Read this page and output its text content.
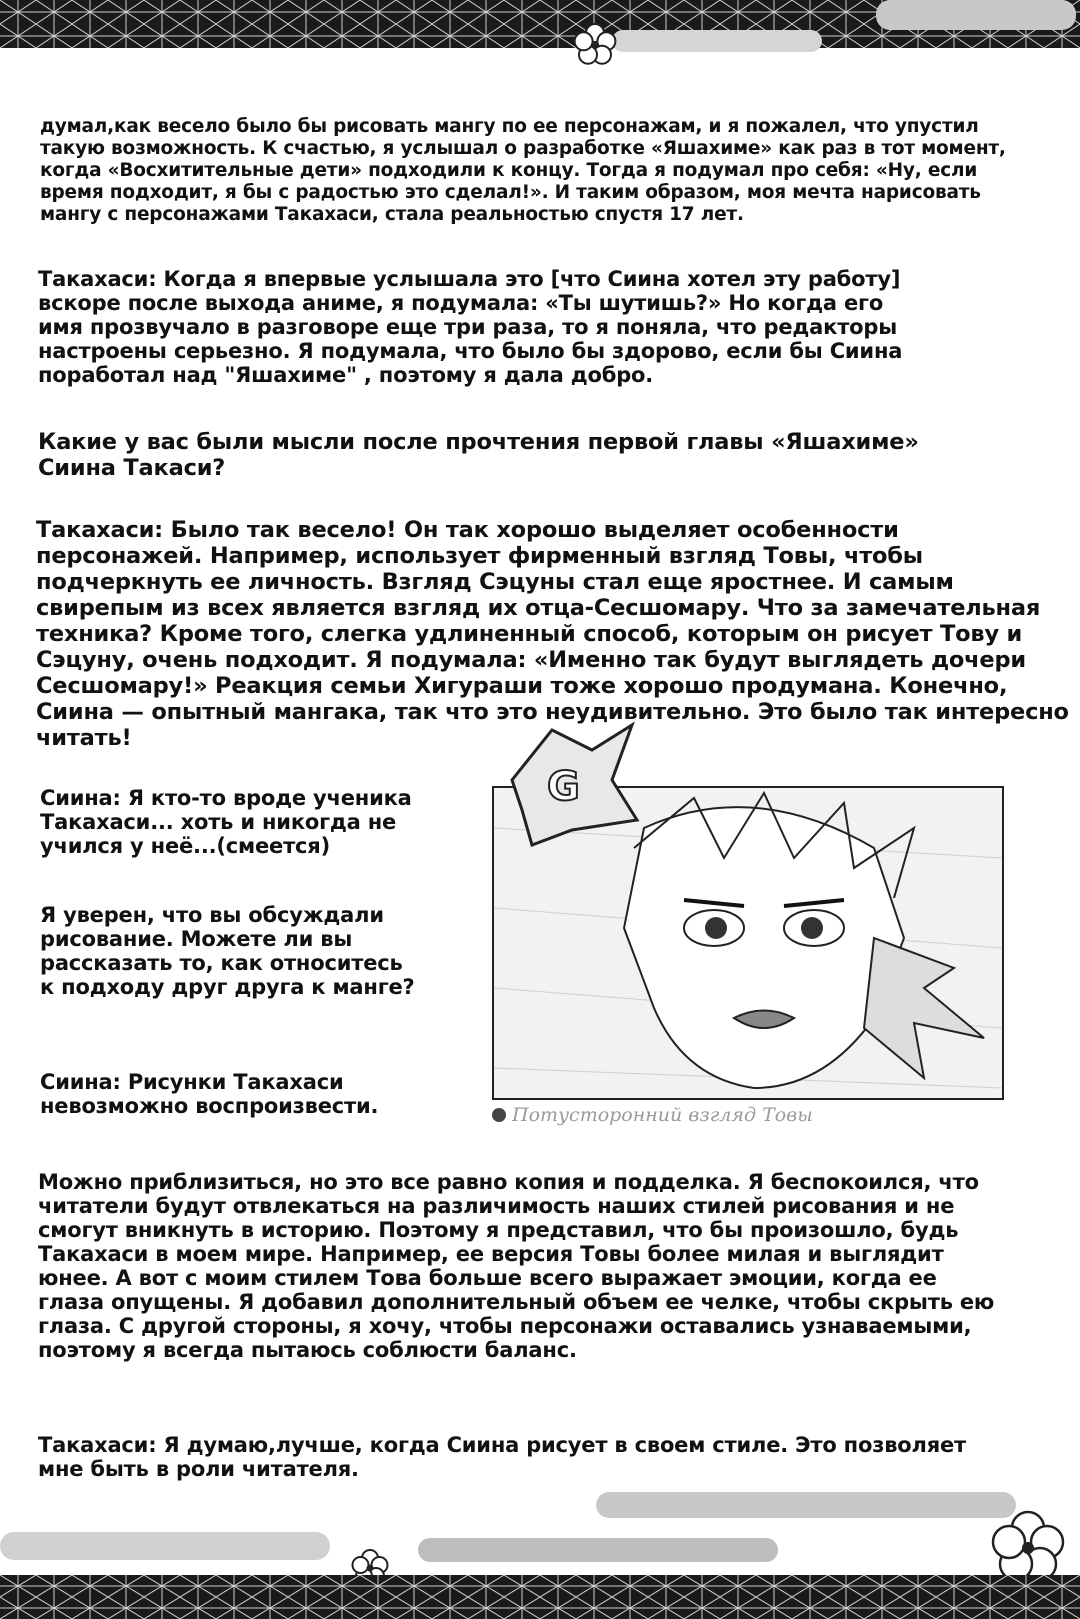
думал,как весело было бы рисовать мангу по ее персонажам, и я пожалел, что упустил такую возможность. К счастью, я услышал о разработке «Яшахиме» как раз в тот момент, когда «Восхитительные дети» подходили к концу. Тогда я подумал про себя: «Ну, если время подходит, я бы с радостью это сделал!». И таким образом, моя мечта нарисовать мангу с персонажами Такахаси, стала реальностью спустя 17 лет.

Такахаси: Когда я впервые услышала это [что Сиина хотел эту работу] вскоре после выхода аниме, я подумала: «Ты шутишь?» Но когда его имя прозвучало в разговоре еще три раза, то я поняла, что редакторы настроены серьезно. Я подумала, что было бы здорово, если бы Сиина поработал над "Яшахиме" , поэтому я дала добро.

Какие у вас были мысли после прочтения первой главы «Яшахиме» Сиина Такаси?

Такахаси: Было так весело! Он так хорошо выделяет особенности персонажей. Например, использует фирменный взгляд Товы, чтобы подчеркнуть ее личность. Взгляд Сэцуны стал еще яростнее. И самым свирепым из всех является взгляд их отца-Сесшомару. Что за замечательная техника? Кроме того, слегка удлиненный способ, которым он рисует Тову и Сэцуну, очень подходит. Я подумала: «Именно так будут выглядеть дочери Сесшомару!» Реакция семьи Хигураши тоже хорошо продумана. Конечно, Сиина — опытный мангака, так что это неудивительно. Это было так интересно читать!

Сиина: Я кто-то вроде ученика Такахаси... хоть и никогда не учился у неё...(смеется)

Я уверен, что вы обсуждали рисование. Можете ли вы рассказать то, как относитесь к подходу друг друга к манге?

Сиина: Рисунки Такахаси невозможно воспроизвести.

G
Потусторонний взгляд Товы

Можно приблизиться, но это все равно копия и подделка. Я беспокоился, что читатели будут отвлекаться на различимость наших стилей рисования и не смогут вникнуть в историю. Поэтому я представил, что бы произошло, будь Такахаси в моем мире. Например, ее версия Товы более милая и выглядит юнее. А вот с моим стилем Това больше всего выражает эмоции, когда ее глаза опущены. Я добавил дополнительный объем ее челке, чтобы скрыть ею глаза. С другой стороны, я хочу, чтобы персонажи оставались узнаваемыми, поэтому я всегда пытаюсь соблюсти баланс.

Такахаси: Я думаю,лучше, когда Сиина рисует в своем стиле. Это позволяет мне быть в роли читателя.
